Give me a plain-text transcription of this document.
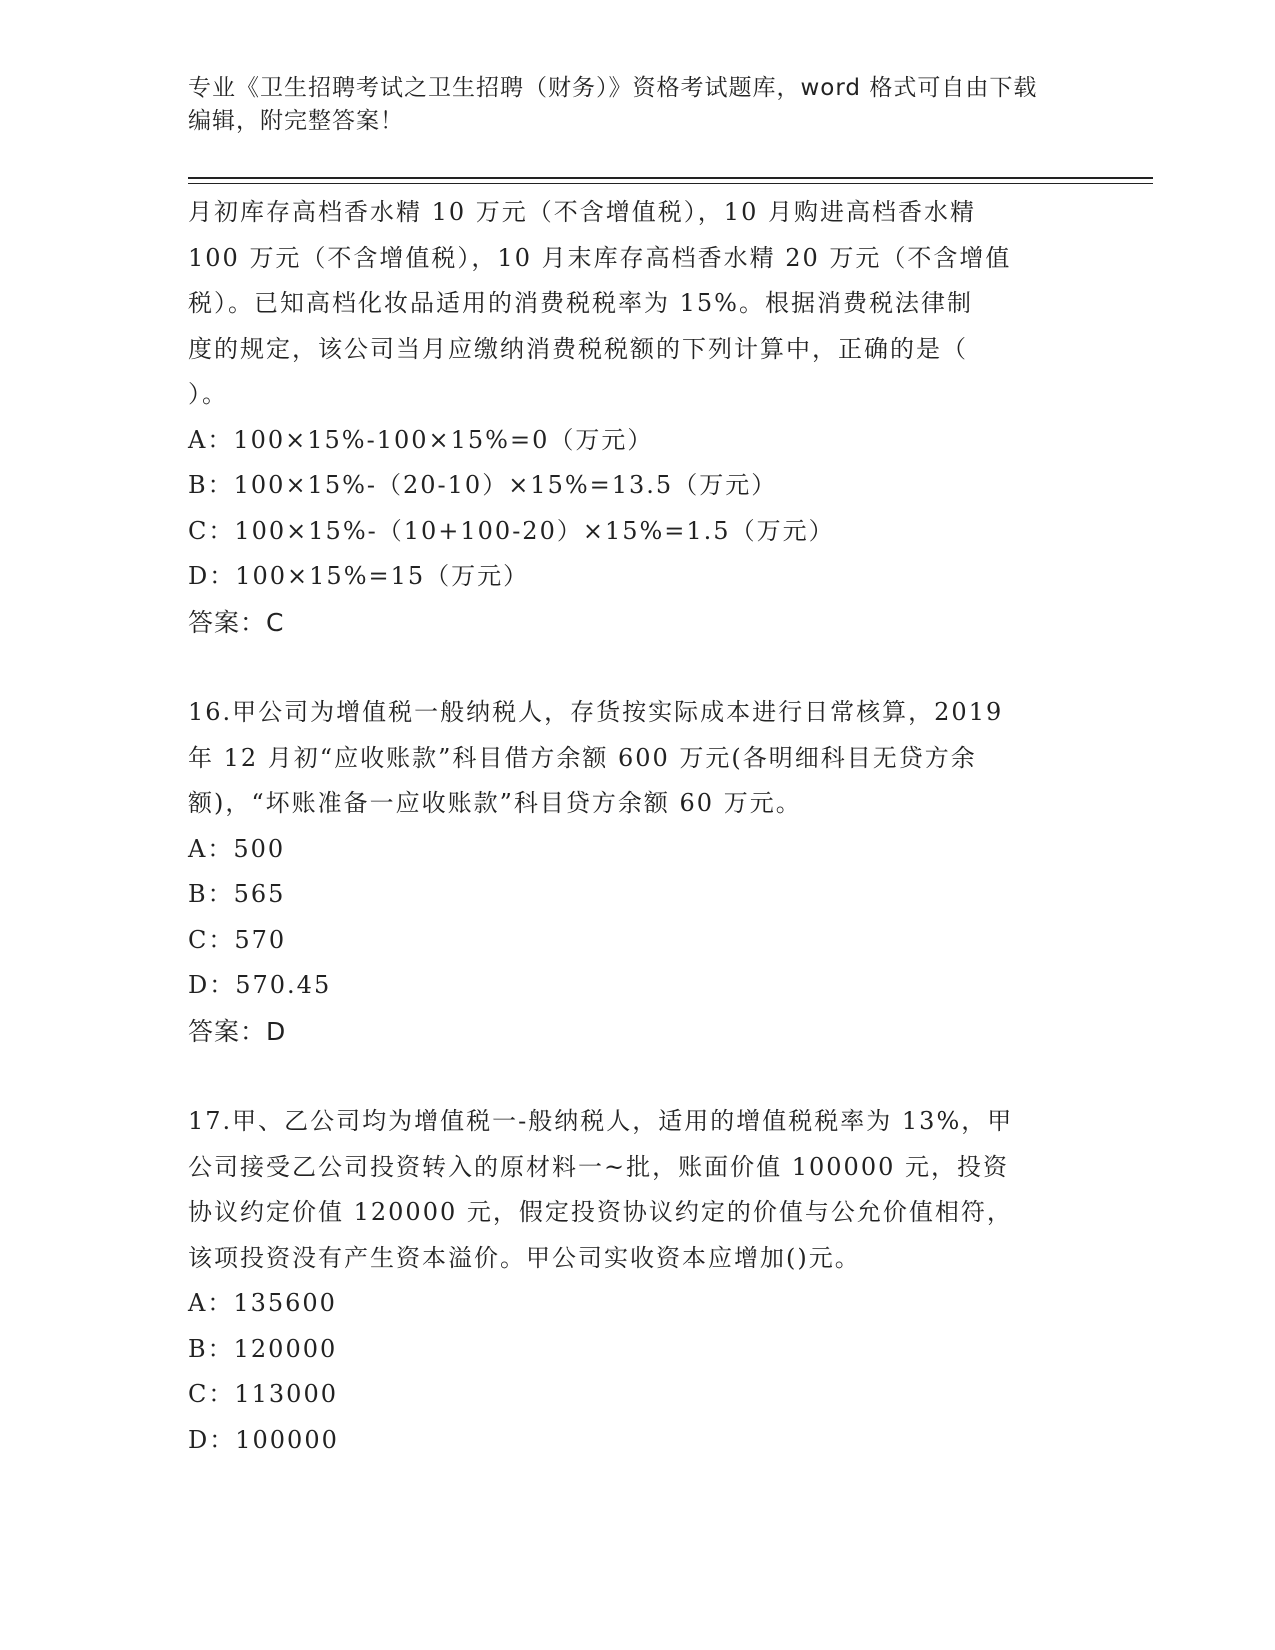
专业《卫生招聘考试之卫生招聘（财务）》资格考试题库，word 格式可自由下载
编辑，附完整答案！

月初库存高档香水精 10 万元（不含增值税），10 月购进高档香水精

100 万元（不含增值税），10 月末库存高档香水精 20 万元（不含增值

税）。已知高档化妆品适用的消费税税率为 15%。根据消费税法律制

度的规定，该公司当月应缴纳消费税税额的下列计算中，正确的是（

）。

A：100×15%-100×15%=0（万元）

B：100×15%-（20-10）×15%=13.5（万元）

C：100×15%-（10+100-20）×15%=1.5（万元）

D：100×15%=15（万元）

答案：C

16.甲公司为增值税一般纳税人，存货按实际成本进行日常核算，2019

年 12 月初“应收账款”科目借方余额 600 万元(各明细科目无贷方余

额)，“坏账准备一应收账款”科目贷方余额 60 万元。

A：500

B：565

C：570

D：570.45

答案：D

17.甲、乙公司均为增值税一-般纳税人，适用的增值税税率为 13%，甲

公司接受乙公司投资转入的原材料一~批，账面价值 100000 元，投资

协议约定价值 120000 元，假定投资协议约定的价值与公允价值相符，

该项投资没有产生资本溢价。甲公司实收资本应增加()元。

A：135600

B：120000

C：113000

D：100000
